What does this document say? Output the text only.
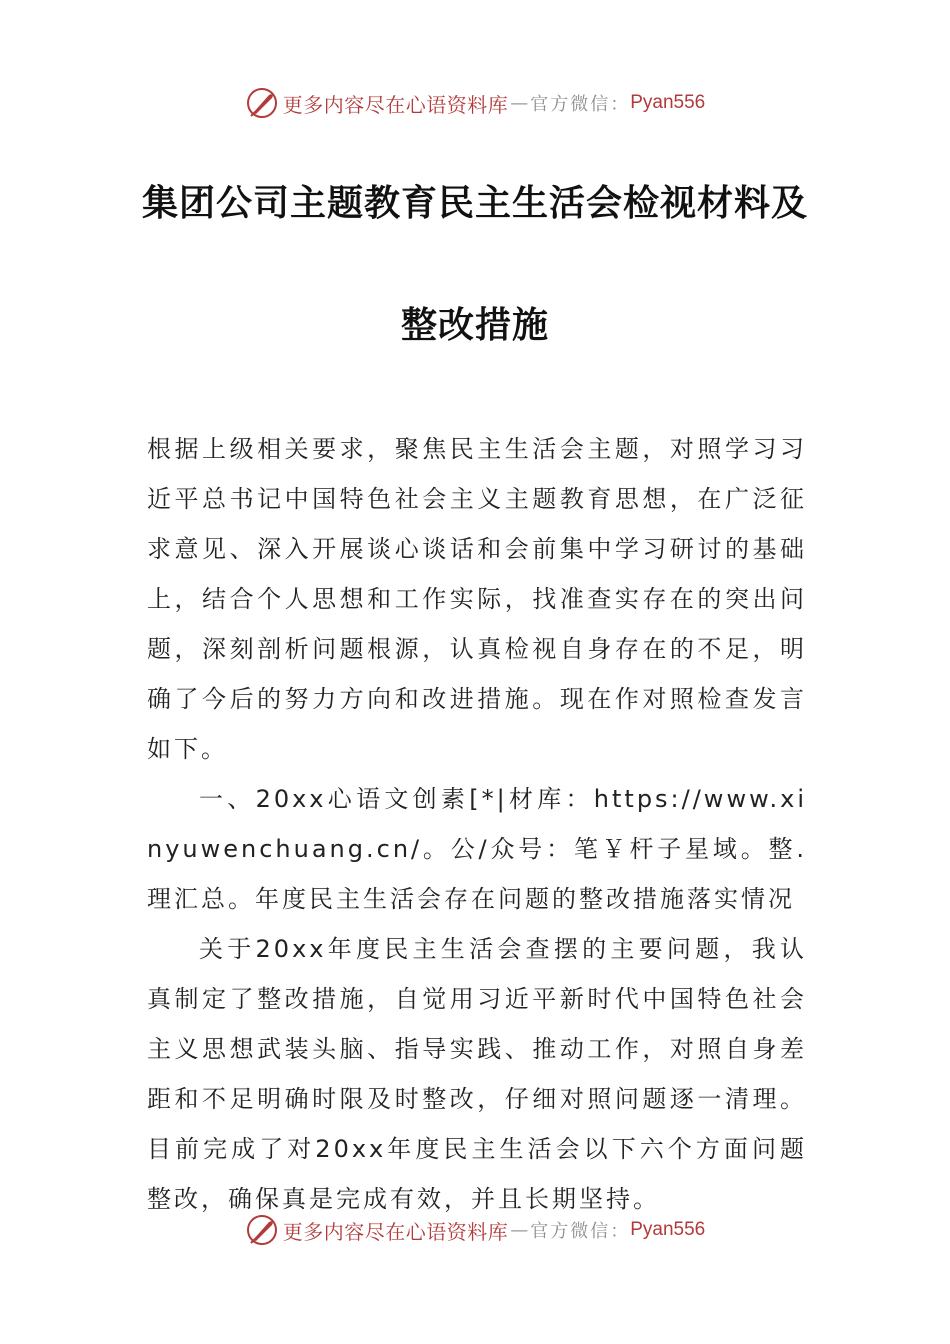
更多内容尽在心语资料库 — 官方微信： Pyan556
集团公司主题教育民主生活会检视材料及
整改措施

根据上级相关要求，聚焦民主生活会主题，对照学习习近平总书记中国特色社会主义主题教育思想，在广泛征求意见、深入开展谈心谈话和会前集中学习研讨的基础上，结合个人思想和工作实际，找准查实存在的突出问题，深刻剖析问题根源，认真检视自身存在的不足，明确了今后的努力方向和改进措施。现在作对照检查发言如下。

一、20xx心语文创素[*|材库：https://www.xinyuwenchuang.cn/。公/众号：笔￥杆子星域。整.理汇总。年度民主生活会存在问题的整改措施落实情况

关于20xx年度民主生活会查摆的主要问题，我认真制定了整改措施，自觉用习近平新时代中国特色社会主义思想武装头脑、指导实践、推动工作，对照自身差距和不足明确时限及时整改，仔细对照问题逐一清理。目前完成了对20xx年度民主生活会以下六个方面问题整改，确保真是完成有效，并且长期坚持。

更多内容尽在心语资料库 — 官方微信： Pyan556
